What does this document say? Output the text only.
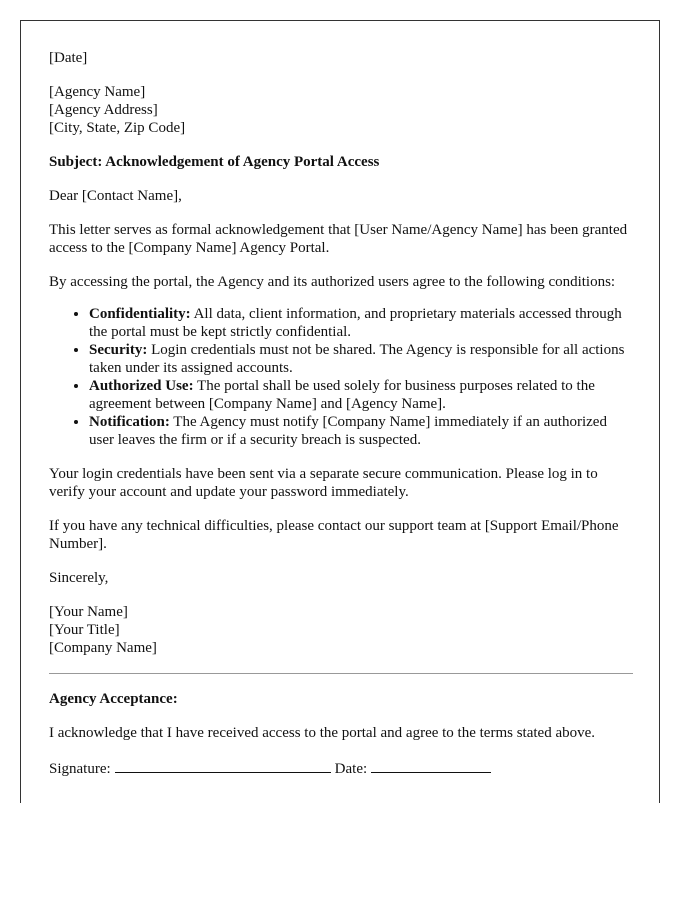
[Date]

[Agency Name]
[Agency Address]
[City, State, Zip Code]

Subject: Acknowledgement of Agency Portal Access

Dear [Contact Name],

This letter serves as formal acknowledgement that [User Name/Agency Name] has been granted access to the [Company Name] Agency Portal.

By accessing the portal, the Agency and its authorized users agree to the following conditions:

• Confidentiality: All data, client information, and proprietary materials accessed through the portal must be kept strictly confidential.
• Security: Login credentials must not be shared. The Agency is responsible for all actions taken under its assigned accounts.
• Authorized Use: The portal shall be used solely for business purposes related to the agreement between [Company Name] and [Agency Name].
• Notification: The Agency must notify [Company Name] immediately if an authorized user leaves the firm or if a security breach is suspected.

Your login credentials have been sent via a separate secure communication. Please log in to verify your account and update your password immediately.

If you have any technical difficulties, please contact our support team at [Support Email/Phone Number].

Sincerely,

[Your Name]
[Your Title]
[Company Name]

Agency Acceptance:

I acknowledge that I have received access to the portal and agree to the terms stated above.

Signature:	Date:
